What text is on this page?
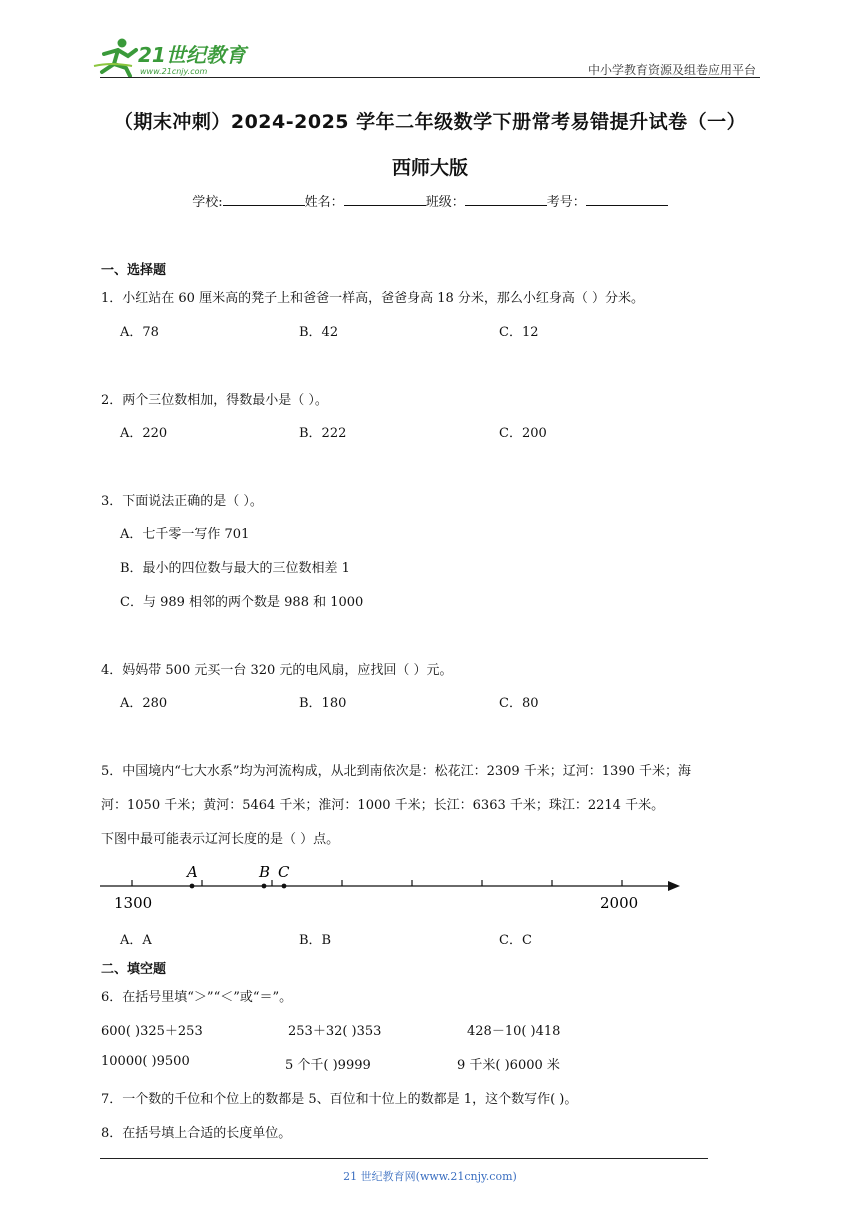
21世纪教育
www.21cnjy.com	中小学教育资源及组卷应用平台
（期末冲刺）2024-2025 学年二年级数学下册常考易错提升试卷（一）
西师大版
学校:	姓名：	班级：	考号：
一、选择题
1．小红站在 60 厘米高的凳子上和爸爸一样高，爸爸身高 18 分米，那么小红身高（ ）分米。
A．78	B．42	C．12
2．两个三位数相加，得数最小是（ ）。
A．220	B．222	C．200
3．下面说法正确的是（ ）。
A．七千零一写作 701
B．最小的四位数与最大的三位数相差 1
C．与 989 相邻的两个数是 988 和 1000
4．妈妈带 500 元买一台 320 元的电风扇，应找回（ ）元。
A．280	B．180	C．80
5．中国境内“七大水系”均为河流构成，从北到南依次是：松花江：2309 千米；辽河：1390 千米；海
河：1050 千米；黄河：5464 千米；淮河：1000 千米；长江：6363 千米；珠江：2214 千米。
下图中最可能表示辽河长度的是（ ）点。
A	B C
1300	2000
A．A	B．B	C．C
二、填空题
6．在括号里填“＞”“＜”或“＝”。
600( )325＋253	253＋32( )353	428－10( )418
10000( )9500	5 个千( )9999	9 千米( )6000 米
7．一个数的千位和个位上的数都是 5、百位和十位上的数都是 1，这个数写作( )。
8．在括号填上合适的长度单位。
21 世纪教育网(www.21cnjy.com)
